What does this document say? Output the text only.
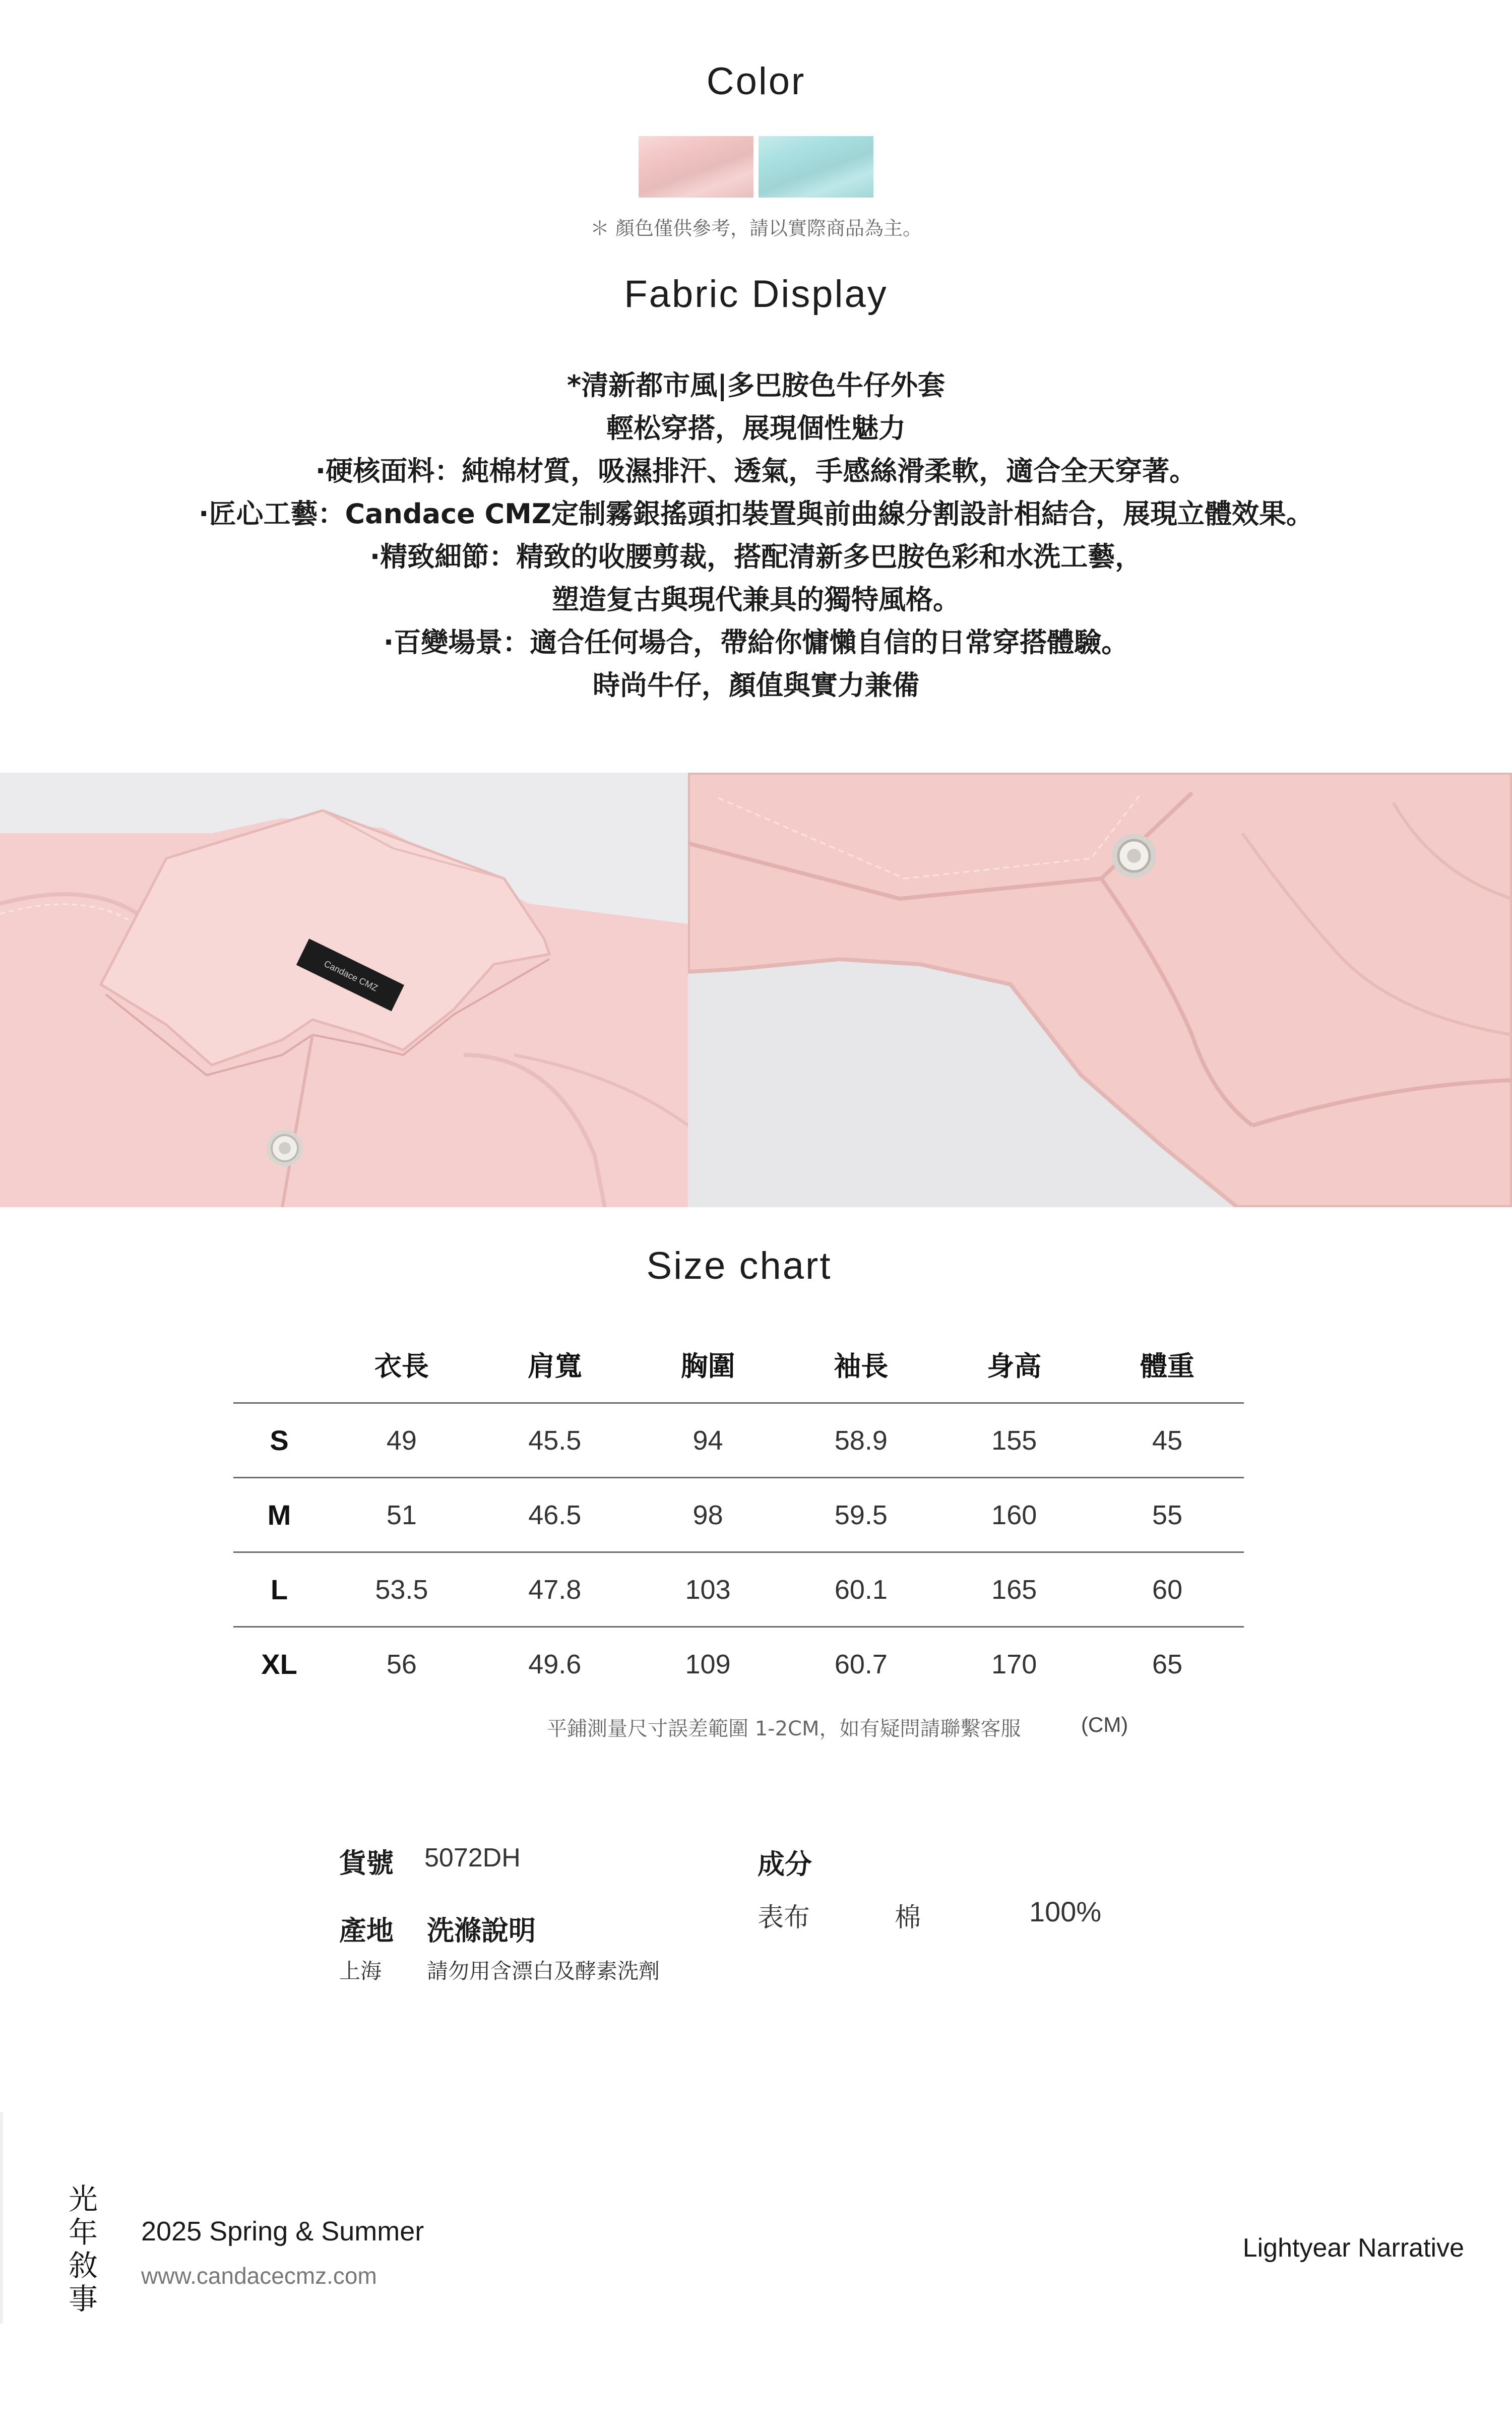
Color
＊ 顏色僅供參考，請以實際商品為主。
Fabric Display
*清新都市風|多巴胺色牛仔外套
輕松穿搭，展現個性魅力
·硬核面料：純棉材質，吸濕排汗、透氣，手感絲滑柔軟，適合全天穿著。
·匠心工藝：Candace CMZ定制霧銀搖頭扣裝置與前曲線分割設計相結合，展現立體效果。
·精致細節：精致的收腰剪裁，搭配清新多巴胺色彩和水洗工藝，
塑造复古與現代兼具的獨特風格。
·百變場景：適合任何場合，帶給你慵懶自信的日常穿搭體驗。
時尚牛仔，顏值與實力兼備
Candace CMZ
Size chart
	衣長	肩寬	胸圍	袖長	身高	體重
S	49	45.5	94	58.9	155	45
M	51	46.5	98	59.5	160	55
L	53.5	47.8	103	60.1	165	60
XL	56	49.6	109	60.7	170	65
平鋪測量尺寸誤差範圍 1-2CM，如有疑問請聯繫客服	(CM)
貨號 5072DH
產地 洗滌說明
上海 請勿用含漂白及酵素洗劑
成分
表布	棉	100%
光
年
敘
事
2025 Spring & Summer
www.candacecmz.com
Lightyear Narrative
